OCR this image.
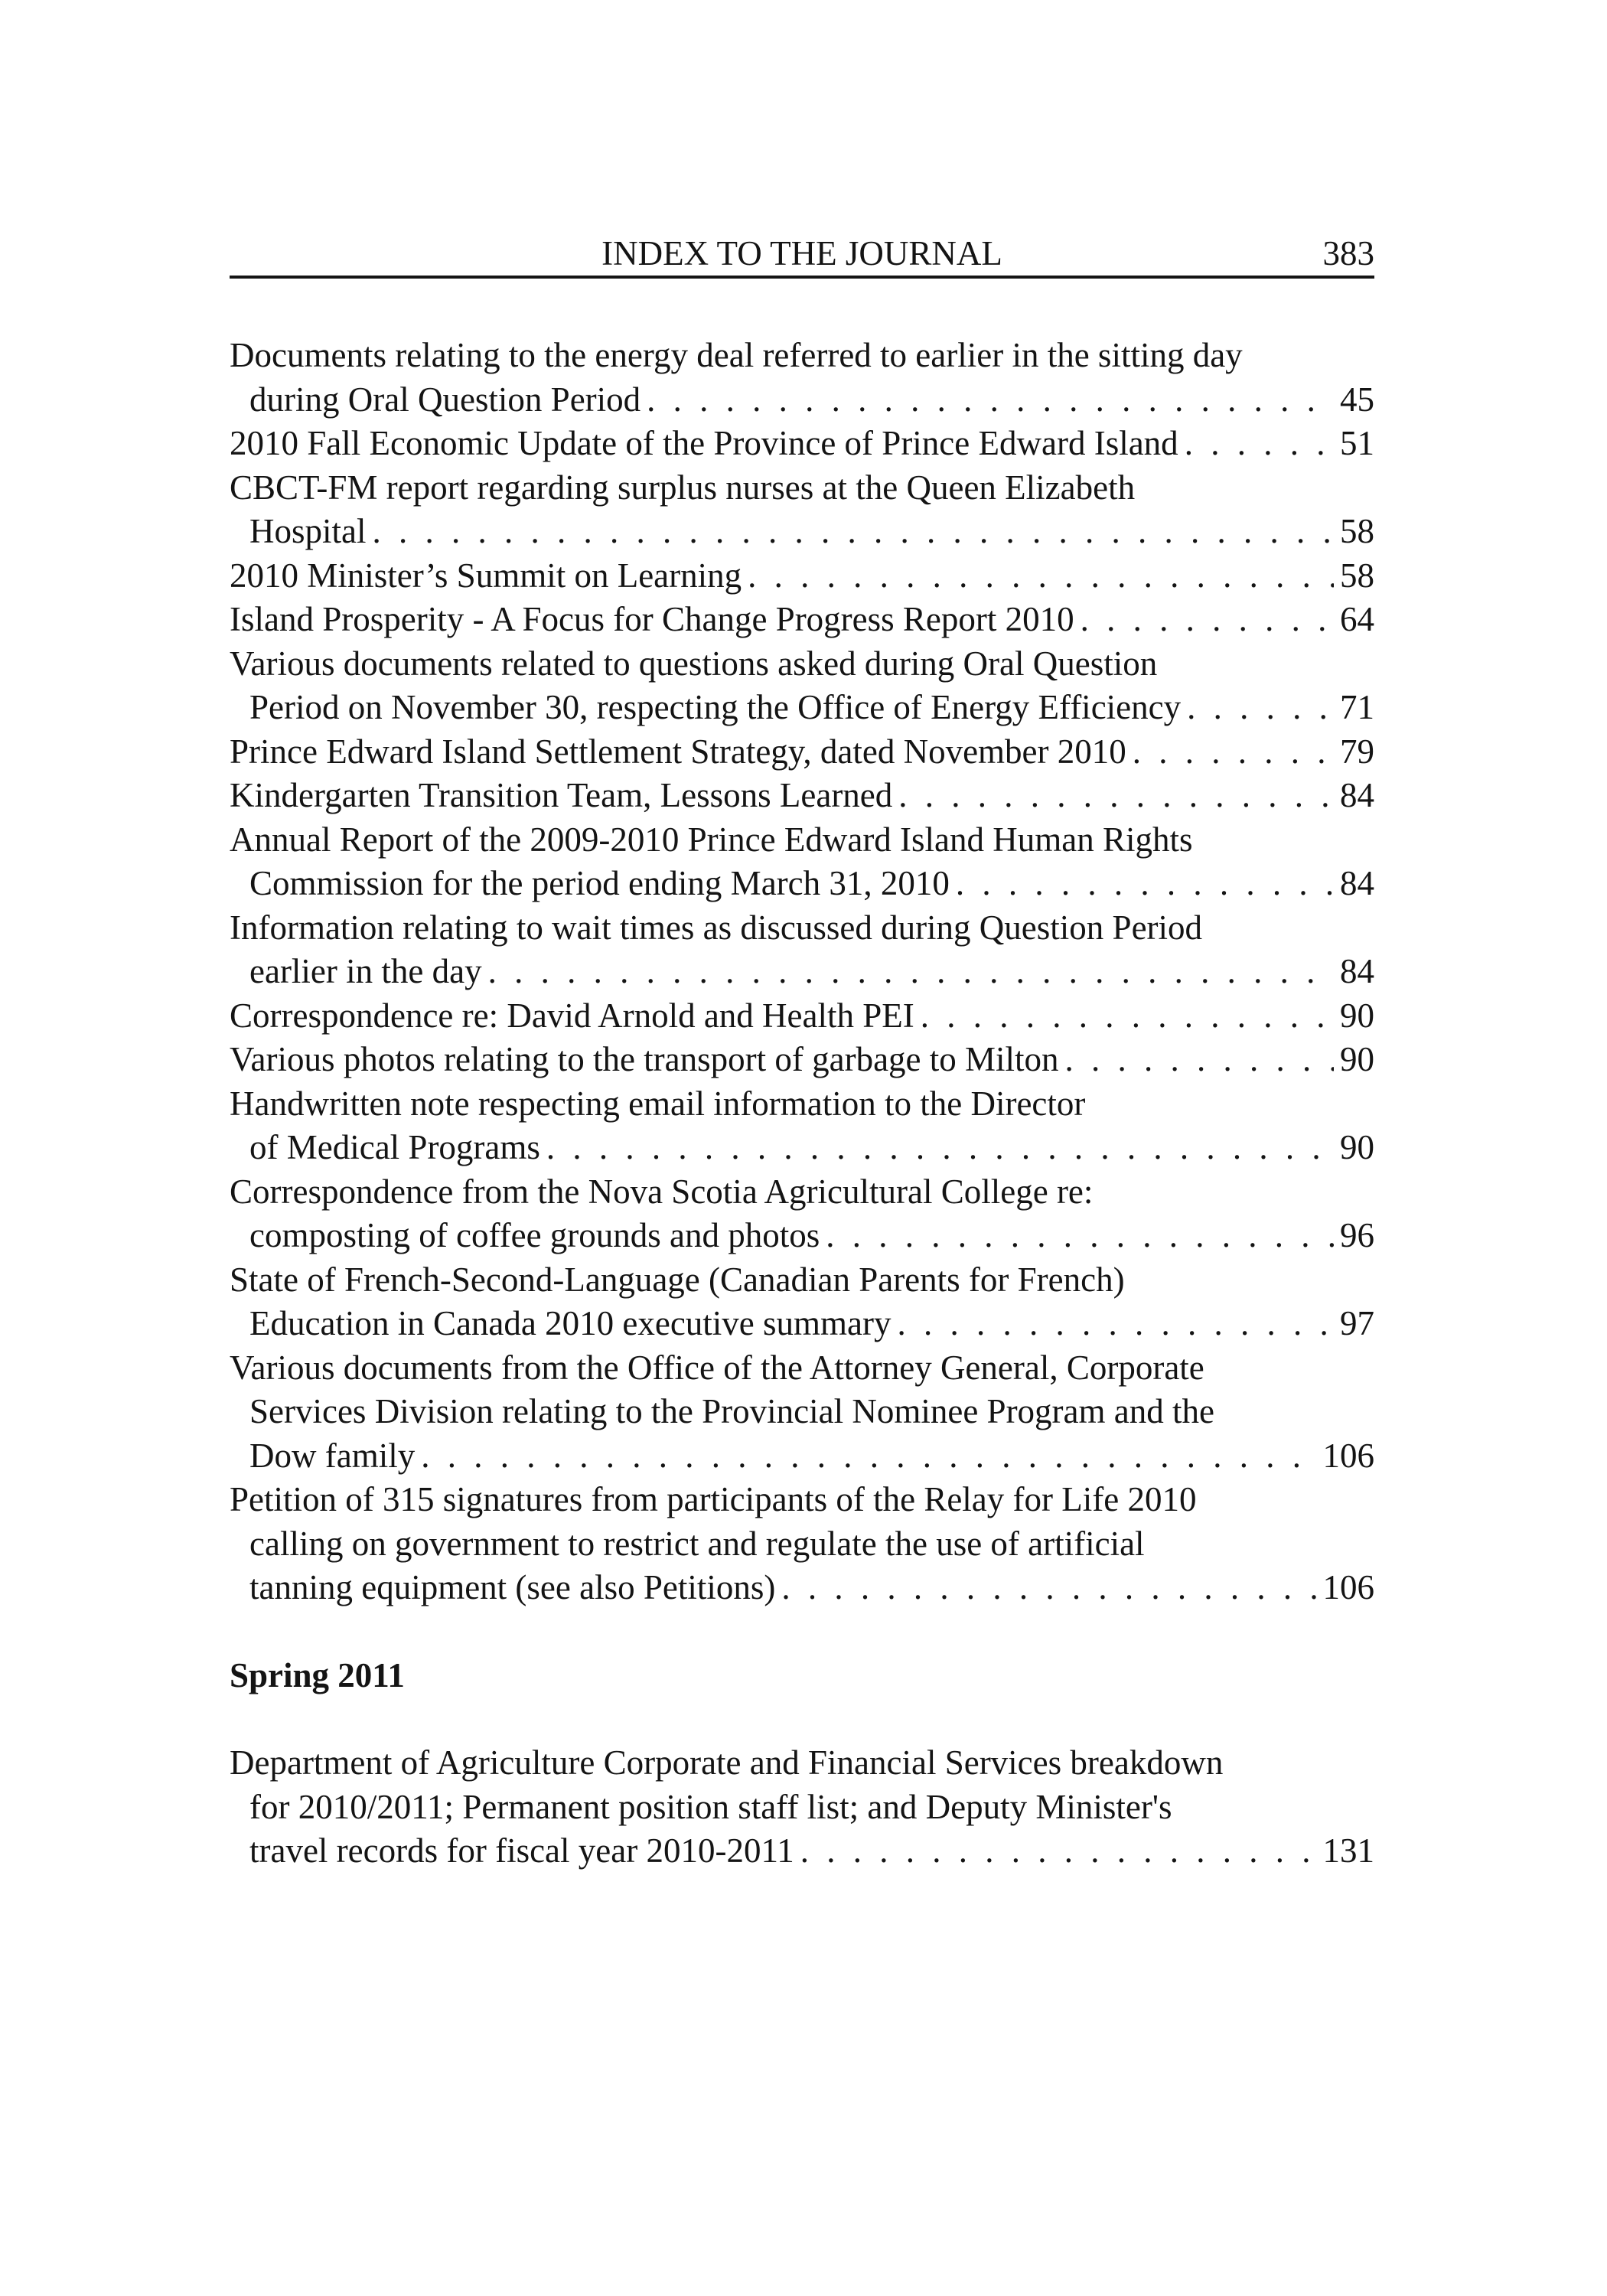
INDEX TO THE JOURNAL	383
Documents relating to the energy deal referred to earlier in the sitting day
during Oral Question Period . . .	45
2010 Fall Economic Update of the Province of Prince Edward Island . . .	51
CBCT-FM report regarding surplus nurses at the Queen Elizabeth
Hospital . . .	58
2010 Minister’s Summit on Learning . . .	58
Island Prosperity - A Focus for Change Progress Report 2010 . . .	64
Various documents related to questions asked during Oral Question
Period on November 30, respecting the Office of Energy Efficiency . . .	71
Prince Edward Island Settlement Strategy, dated November 2010 . . .	79
Kindergarten Transition Team, Lessons Learned . . .	84
Annual Report of the 2009-2010 Prince Edward Island Human Rights
Commission for the period ending March 31, 2010 . . .	84
Information relating to wait times as discussed during Question Period
earlier in the day . . .	84
Correspondence re: David Arnold and Health PEI . . .	90
Various photos relating to the transport of garbage to Milton . . .	90
Handwritten note respecting email information to the Director
of Medical Programs . . .	90
Correspondence from the Nova Scotia Agricultural College re:
composting of coffee grounds and photos . . .	96
State of French-Second-Language (Canadian Parents for French)
Education in Canada 2010 executive summary . . .	97
Various documents from the Office of the Attorney General, Corporate
Services Division relating to the Provincial Nominee Program and the
Dow family . . .	106
Petition of 315 signatures from participants of the Relay for Life 2010
calling on government to restrict and regulate the use of artificial
tanning equipment (see also Petitions) . . .	106
Spring 2011
Department of Agriculture Corporate and Financial Services breakdown
for 2010/2011; Permanent position staff list; and Deputy Minister's
travel records for fiscal year 2010-2011 . . .	131
